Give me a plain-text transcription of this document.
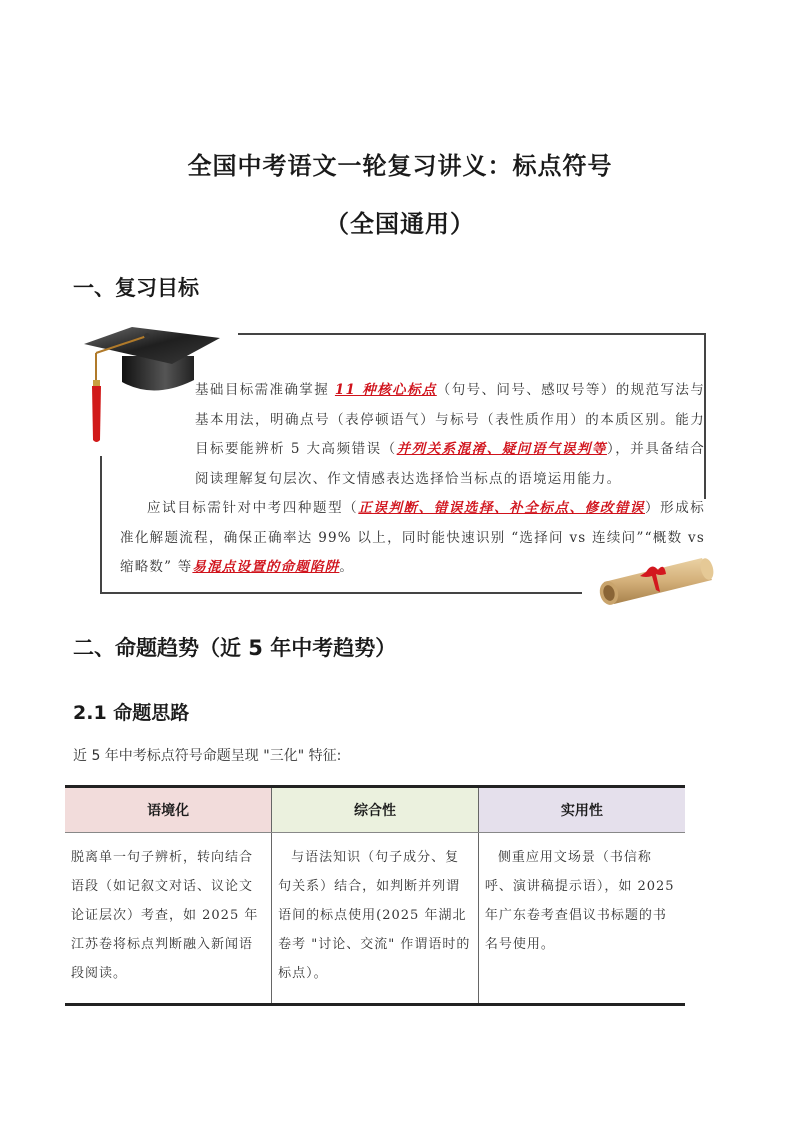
全国中考语文一轮复习讲义：标点符号
（全国通用）
一、复习目标

基础目标需准确掌握 11 种核心标点（句号、问号、感叹号等）的规范写法与基本用法，明确点号（表停顿语气）与标号（表性质作用）的本质区别。能力目标要能辨析 5 大高频错误（并列关系混淆、疑问语气误判等），并具备结合阅读理解复句层次、作文情感表达选择恰当标点的语境运用能力。

应试目标需针对中考四种题型（正误判断、错误选择、补全标点、修改错误）形成标准化解题流程，确保正确率达 99% 以上，同时能快速识别 “选择问 vs 连续问”“概数 vs 缩略数” 等易混点设置的命题陷阱。

二、命题趋势（近 5 年中考趋势）
2.1 命题思路
近 5 年中考标点符号命题呈现 "三化" 特征:
语境化	综合性	实用性
脱离单一句子辨析，转向结合语段（如记叙文对话、议论文论证层次）考查，如 2025 年江苏卷将标点判断融入新闻语段阅读。	与语法知识（句子成分、复句关系）结合，如判断并列谓语间的标点使用(2025 年湖北卷考 "讨论、交流" 作谓语时的标点）。	侧重应用文场景（书信称呼、演讲稿提示语），如 2025 年广东卷考查倡议书标题的书名号使用。
